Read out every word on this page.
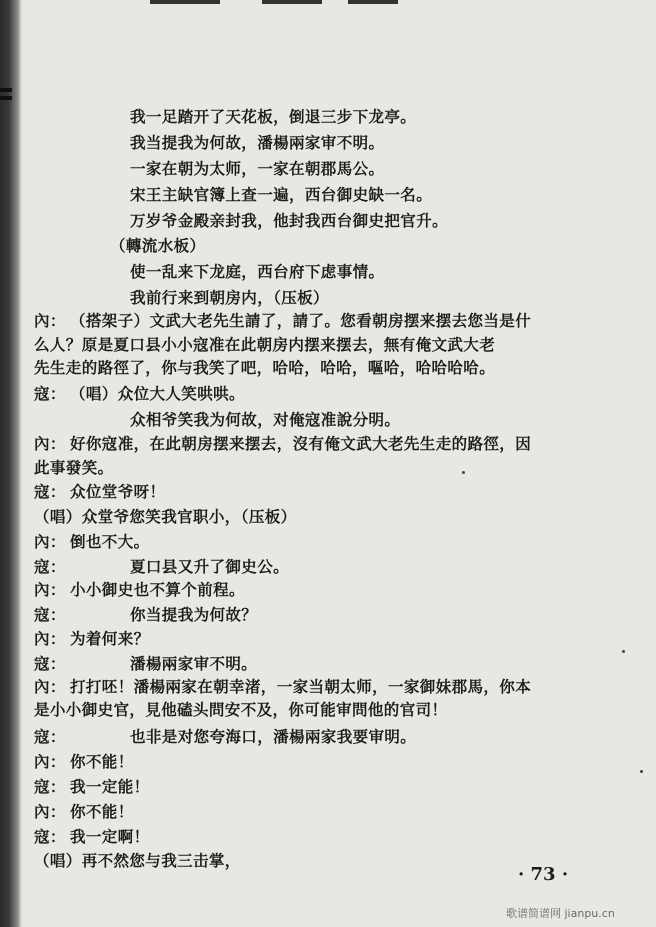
我一足踏开了天花板，倒退三步下龙亭。
我当提我为何故，潘楊兩家审不明。
一家在朝为太师，一家在朝郡馬公。
宋王主缺官簿上查一遍，西台御史缺一名。
万岁爷金殿亲封我，他封我西台御史把官升。
（轉流水板）
使一乱来下龙庭，西台府下虑事情。
我前行来到朝房内，（压板）
內： （搭架子）文武大老先生請了，請了。您看朝房摆来摆去您当是什
么人？原是夏口县小小寇准在此朝房内摆来摆去，無有俺文武大老
先生走的路徑了，你与我笑了吧，哈哈，哈哈，嘔哈，哈哈哈哈。
寇： （唱）众位大人笑哄哄。
众相爷笑我为何故，对俺寇准說分明。
內： 好你寇准，在此朝房摆来摆去，沒有俺文武大老先生走的路徑，因
此事發笑。
寇： 众位堂爷呀！
（唱）众堂爷您笑我官职小，（压板）
內： 倒也不大。
寇：	夏口县又升了御史公。
內： 小小御史也不算个前程。
寇：	你当提我为何故？
內： 为着何来？
寇：	潘楊兩家审不明。
內： 打打呸！潘楊兩家在朝幸渚，一家当朝太师，一家御妹郡馬，你本
是小小御史官，見他磕头問安不及，你可能审問他的官司！
寇：	也非是对您夸海口，潘楊兩家我要审明。
內： 你不能！
寇： 我一定能！
內： 你不能！
寇： 我一定啊！
（唱）再不然您与我三击掌，
· 73 ·
歌谱简谱网 jianpu.cn
